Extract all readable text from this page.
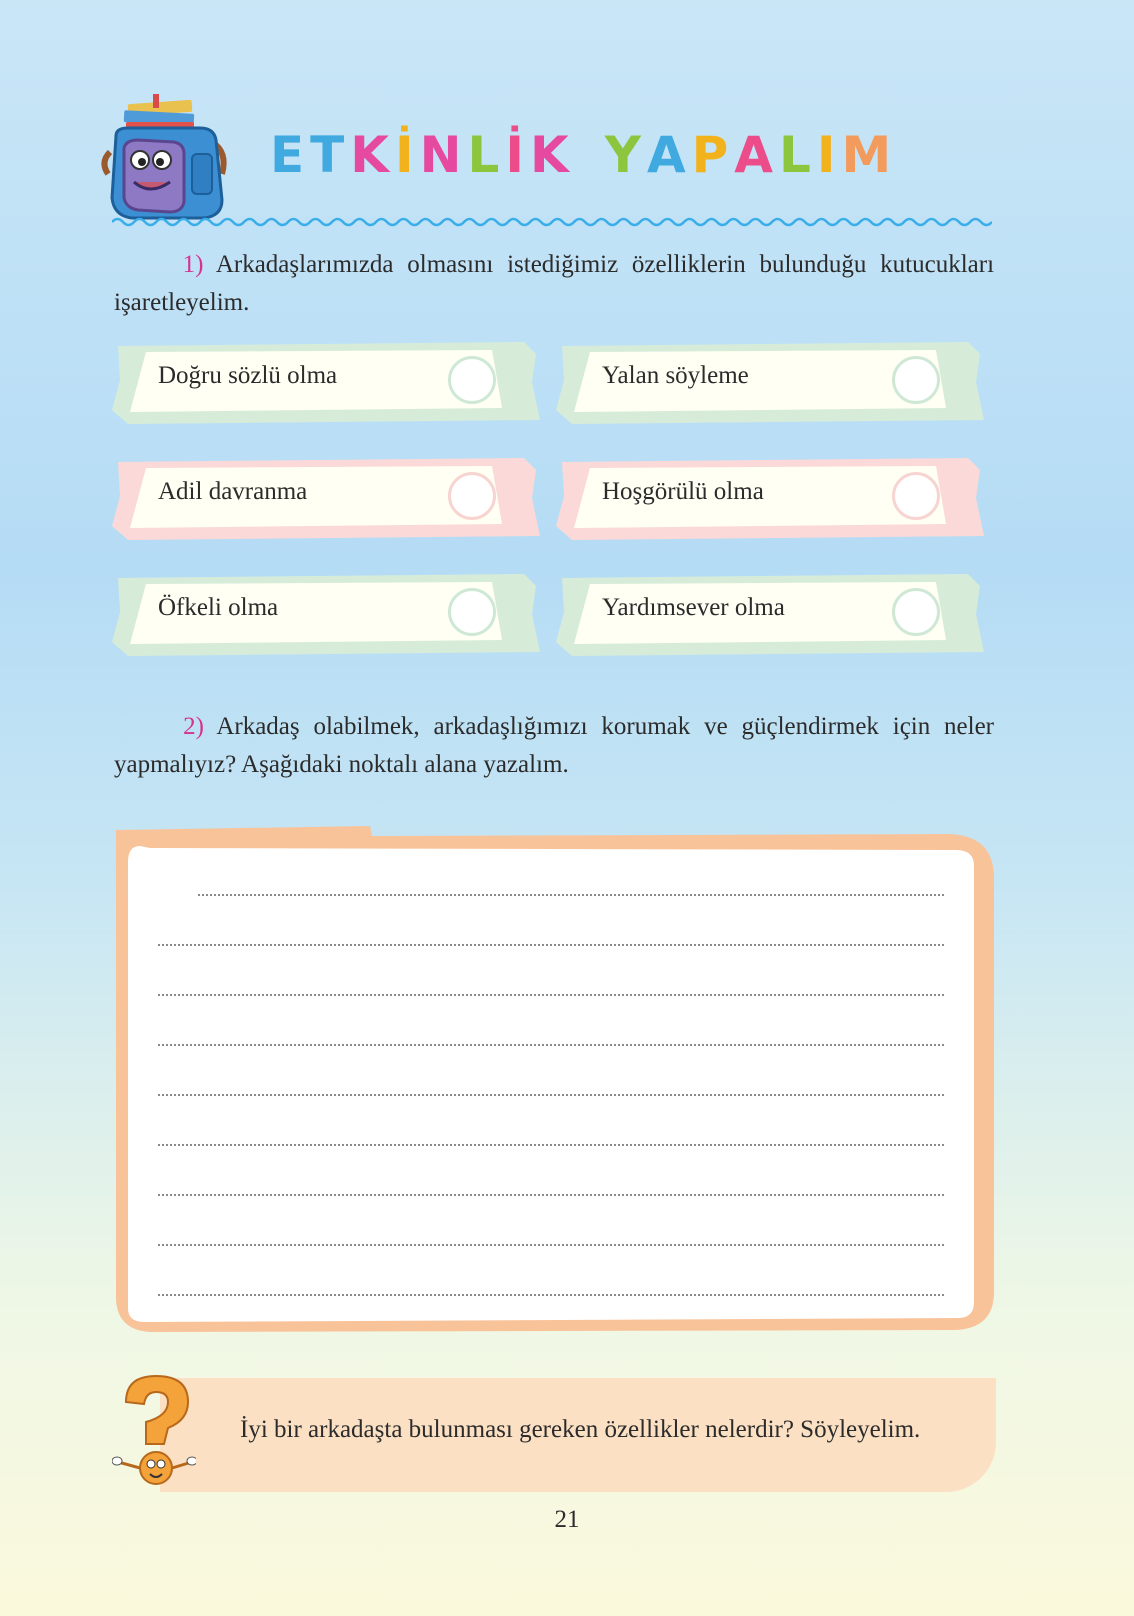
ETKİNLİK YAPALIM

1) Arkadaşlarımızda olmasını istediğimiz özelliklerin bulunduğu kutucukları işaretleyelim.

Doğru sözlü olma	Yalan söyleme
Adil davranma	Hoşgörülü olma
Öfkeli olma	Yardımsever olma

2) Arkadaş olabilmek, arkadaşlığımızı korumak ve güçlendirmek için neler yapmalıyız? Aşağıdaki noktalı alana yazalım.

İyi bir arkadaşta bulunması gereken özellikler nelerdir? Söyleyelim.

21
